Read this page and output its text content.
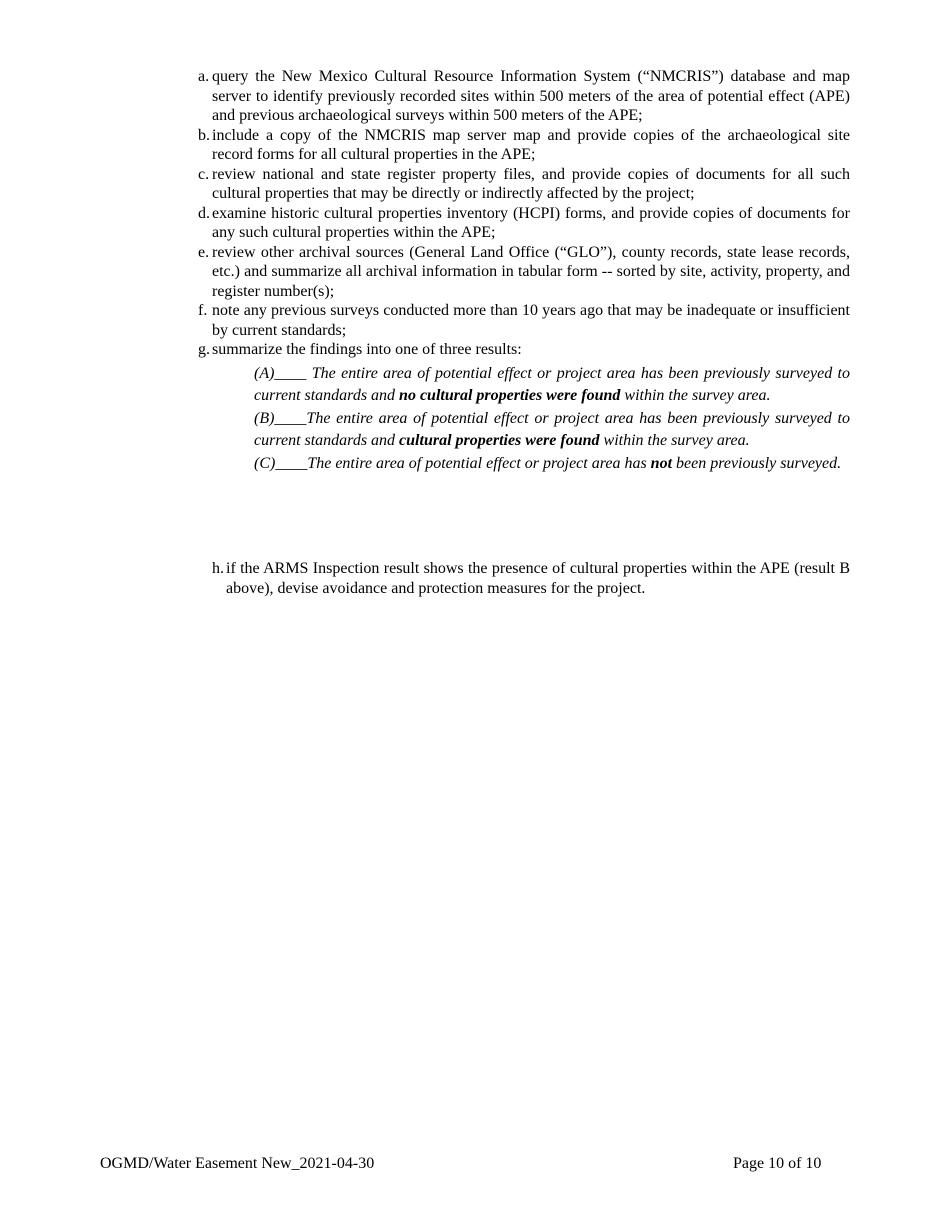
a. query the New Mexico Cultural Resource Information System (“NMCRIS”) database and map server to identify previously recorded sites within 500 meters of the area of potential effect (APE) and previous archaeological surveys within 500 meters of the APE;

b. include a copy of the NMCRIS map server map and provide copies of the archaeological site record forms for all cultural properties in the APE;

c. review national and state register property files, and provide copies of documents for all such cultural properties that may be directly or indirectly affected by the project;

d. examine historic cultural properties inventory (HCPI) forms, and provide copies of documents for any such cultural properties within the APE;

e. review other archival sources (General Land Office (“GLO”), county records, state lease records, etc.) and summarize all archival information in tabular form -- sorted by site, activity, property, and register number(s);

f. note any previous surveys conducted more than 10 years ago that may be inadequate or insufficient by current standards;

g. summarize the findings into one of three results:

(A)____ The entire area of potential effect or project area has been previously surveyed to current standards and no cultural properties were found within the survey area.

(B)____The entire area of potential effect or project area has been previously surveyed to current standards and cultural properties were found within the survey area.

(C)____The entire area of potential effect or project area has not been previously surveyed.

h. if the ARMS Inspection result shows the presence of cultural properties within the APE (result B above), devise avoidance and protection measures for the project.

OGMD/Water Easement New_2021-04-30	Page 10 of 10
